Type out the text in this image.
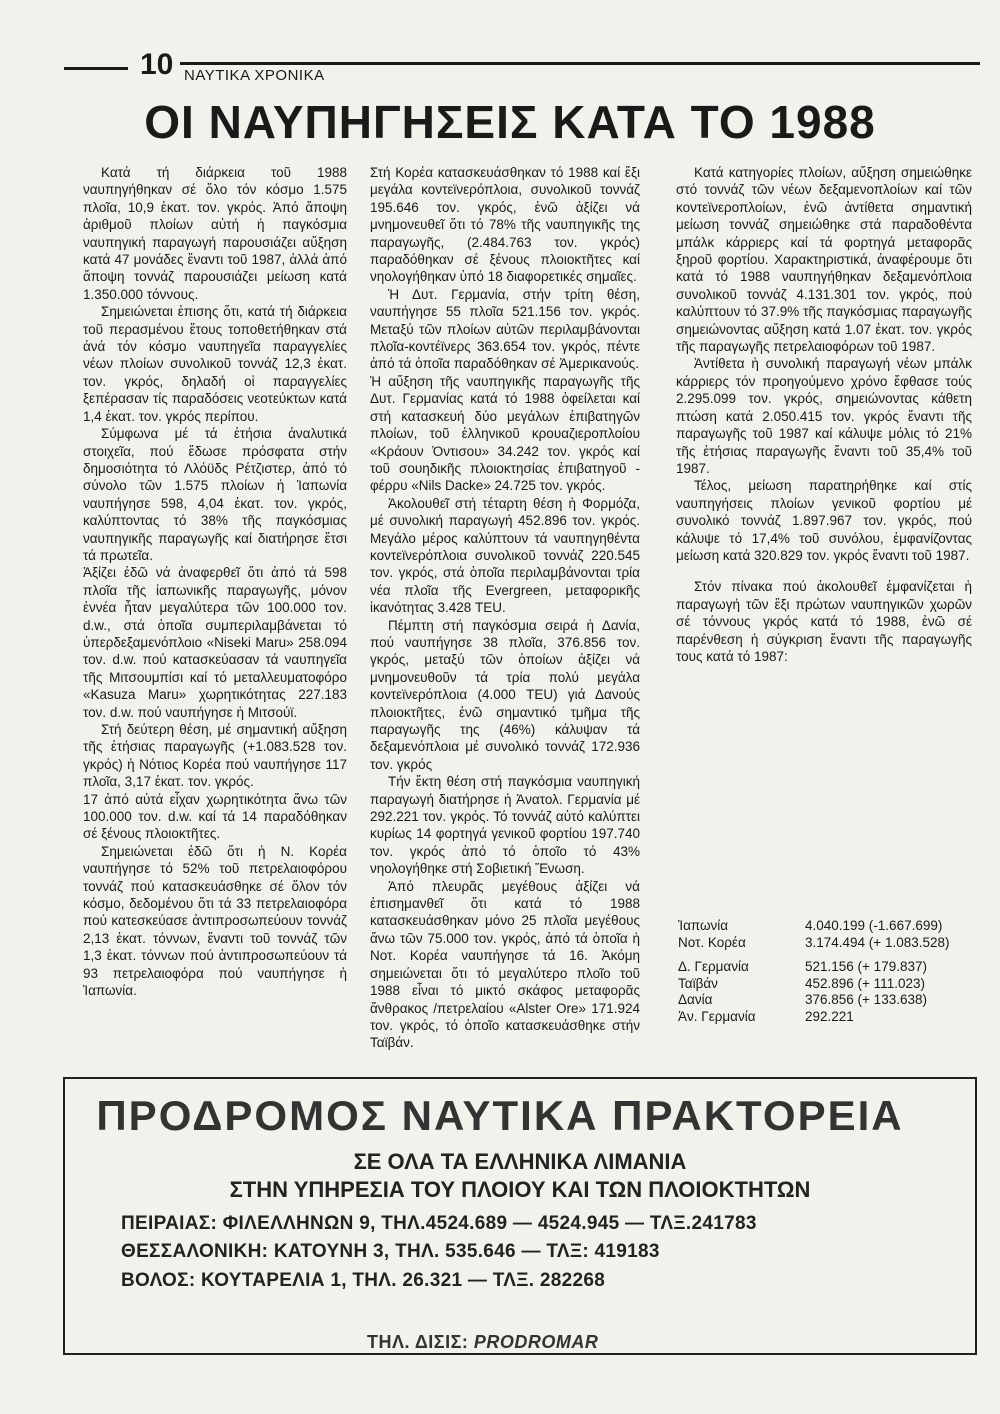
10 ΝΑΥΤΙΚΑ ΧΡΟΝΙΚΑ
ΟΙ ΝΑΥΠΗΓΗΣΕΙΣ ΚΑΤΑ ΤΟ 1988

Κατά τή διάρκεια τοῦ 1988 ναυπηγήθηκαν σέ ὅλο τόν κόσμο 1.575 πλοῖα, 10,9 ἑκατ. τον. γκρός. Ἀπό ἄποψη ἀριθμοῦ πλοίων αὐτή ἡ παγκόσμια ναυπηγική παραγωγή παρουσιάζει αὔξηση κατά 47 μονάδες ἔναντι τοῦ 1987, ἀλλά ἀπό ἄποψη τοννάζ παρουσιάζει μείωση κατά 1.350.000 τόννους.

Σημειώνεται ἐπισης ὅτι, κατά τή διάρκεια τοῦ περασμένου ἔτους τοποθετήθηκαν στά ἀνά τόν κόσμο ναυπηγεῖα παραγγελίες νέων πλοίων συνολικοῦ τοννάζ 12,3 ἑκατ. τον. γκρός, δηλαδή οἱ παραγγελίες ξεπέρασαν τίς παραδόσεις νεοτεύκτων κατά 1,4 ἑκατ. τον. γκρός περίπου.

Σύμφωνα μέ τά ἐτήσια ἀναλυτικά στοιχεῖα, πού ἔδωσε πρόσφατα στήν δημοσιότητα τό Λλόϋδς Ρέτζιστερ, ἀπό τό σύνολο τῶν 1.575 πλοίων ἡ Ἰαπωνία ναυπήγησε 598, 4,04 ἑκατ. τον. γκρός, καλύπτοντας τό 38% τῆς παγκόσμιας ναυπηγικῆς παραγωγῆς καί διατήρησε ἔτσι τά πρωτεῖα.

Ἀξίζει ἐδῶ νά ἀναφερθεῖ ὅτι ἀπό τά 598 πλοῖα τῆς ἰαπωνικῆς παραγωγῆς, μόνον ἐννέα ἦταν μεγαλύτερα τῶν 100.000 τον. d.w., στά ὁποῖα συμπεριλαμβάνεται τό ὑπερδεξαμενόπλοιο «Niseki Maru» 258.094 τον. d.w. πού κατασκεύασαν τά ναυπηγεῖα τῆς Μιτσουμπίσι καί τό μεταλλευματοφόρο «Kasuza Maru» χωρητικότητας 227.183 τον. d.w. πού ναυπήγησε ἡ Μιτσούϊ.

Στή δεύτερη θέση, μέ σημαντική αὔξηση τῆς ἐτήσιας παραγωγῆς (+1.083.528 τον. γκρός) ἡ Νότιος Κορέα πού ναυπήγησε 117 πλοῖα, 3,17 ἑκατ. τον. γκρός.

17 ἀπό αὐτά εἶχαν χωρητικότητα ἄνω τῶν 100.000 τον. d.w. καί τά 14 παραδόθηκαν σέ ξένους πλοιοκτῆτες.

Σημειώνεται ἐδῶ ὅτι ἡ Ν. Κορέα ναυπήγησε τό 52% τοῦ πετρελαιοφόρου τοννάζ πού κατασκευάσθηκε σέ ὅλον τόν κόσμο, δεδομένου ὅτι τά 33 πετρελαιοφόρα πού κατεσκεύασε ἀντιπροσωπεύουν τοννάζ 2,13 ἑκατ. τόννων, ἔναντι τοῦ τοννάζ τῶν 1,3 ἑκατ. τόννων πού ἀντιπροσωπεύουν τά 93 πετρελαιοφόρα πού ναυπήγησε ἡ Ἰαπωνία.

Στή Κορέα κατασκευάσθηκαν τό 1988 καί ἔξι μεγάλα κοντεϊνερόπλοια, συνολικοῦ τοννάζ 195.646 τον. γκρός, ἐνῶ ἀξίζει νά μνημονευθεῖ ὅτι τό 78% τῆς ναυπηγικῆς της παραγωγῆς, (2.484.763 τον. γκρός) παραδόθηκαν σέ ξένους πλοιοκτῆτες καί νηολογήθηκαν ὑπό 18 διαφορετικές σημαῖες.

Ἡ Δυτ. Γερμανία, στήν τρίτη θέση, ναυπήγησε 55 πλοῖα 521.156 τον. γκρός. Μεταξύ τῶν πλοίων αὐτῶν περιλαμβάνονται πλοῖα-κοντέϊνερς 363.654 τον. γκρός, πέντε ἀπό τά ὁποῖα παραδόθηκαν σέ Ἀμερικανούς.

Ἡ αὔξηση τῆς ναυπηγικῆς παραγωγῆς τῆς Δυτ. Γερμανίας κατά τό 1988 ὀφείλεται καί στή κατασκευή δύο μεγάλων ἐπιβατηγῶν πλοίων, τοῦ ἑλληνικοῦ κρουαζιεροπλοίου «Κράουν Ὀντισου» 34.242 τον. γκρός καί τοῦ σουηδικῆς πλοιοκτησίας ἐπιβατηγοῦ - φέρρυ «Nils Dacke» 24.725 τον. γκρός.

Ἀκολουθεῖ στή τέταρτη θέση ἡ Φορμόζα, μέ συνολική παραγωγή 452.896 τον. γκρός. Μεγάλο μέρος καλύπτουν τά ναυπηγηθέντα κοντεϊνερόπλοια συνολικοῦ τοννάζ 220.545 τον. γκρός, στά ὁποῖα περιλαμβάνονται τρία νέα πλοῖα τῆς Evergreen, μεταφορικῆς ἱκανότητας 3.428 TEU.

Πέμπτη στή παγκόσμια σειρά ἡ Δανία, πού ναυπήγησε 38 πλοῖα, 376.856 τον. γκρός, μεταξύ τῶν ὁποίων ἀξίζει νά μνημονευθοῦν τά τρία πολύ μεγάλα κοντεϊνερόπλοια (4.000 TEU) γιά Δανούς πλοιοκτῆτες, ἐνῶ σημαντικό τμῆμα τῆς παραγωγῆς της (46%) κάλυψαν τά δεξαμενόπλοια μέ συνολικό τοννάζ 172.936 τον. γκρός

Τήν ἕκτη θέση στή παγκόσμια ναυπηγική παραγωγή διατήρησε ἡ Ἀνατολ. Γερμανία μέ 292.221 τον. γκρός. Τό τοννάζ αὐτό καλύπτει κυρίως 14 φορτηγά γενικοῦ φορτίου 197.740 τον. γκρός ἀπό τό ὁποῖο τό 43% νηολογήθηκε στή Σοβιετική Ἕνωση.

Ἀπό πλευρᾶς μεγέθους ἀξίζει νά ἐπισημανθεῖ ὅτι κατά τό 1988 κατασκευάσθηκαν μόνο 25 πλοῖα μεγέθους ἄνω τῶν 75.000 τον. γκρός, ἀπό τά ὁποῖα ἡ Νοτ. Κορέα ναυπήγησε τά 16. Ἀκόμη σημειώνεται ὅτι τό μεγαλύτερο πλοῖο τοῦ 1988 εἶναι τό μικτό σκάφος μεταφορᾶς ἄνθρακος /πετρελαίου «Alster Ore» 171.924 τον. γκρός, τό ὁποῖο κατασκευάσθηκε στήν Ταϊβάν.

Κατά κατηγορίες πλοίων, αὔξηση σημειώθηκε στό τοννάζ τῶν νέων δεξαμενοπλοίων καί τῶν κοντεϊνεροπλοίων, ἐνῶ ἀντίθετα σημαντική μείωση τοννάζ σημειώθηκε στά παραδοθέντα μπάλκ κάρριερς καί τά φορτηγά μεταφορᾶς ξηροῦ φορτίου. Χαρακτηριστικά, ἀναφέρουμε ὅτι κατά τό 1988 ναυπηγήθηκαν δεξαμενόπλοια συνολικοῦ τοννάζ 4.131.301 τον. γκρός, πού καλύπτουν τό 37.9% τῆς παγκόσμιας παραγωγῆς σημειώνοντας αὔξηση κατά 1.07 ἑκατ. τον. γκρός τῆς παραγωγῆς πετρελαιοφόρων τοῦ 1987.

Ἀντίθετα ἡ συνολική παραγωγή νέων μπάλκ κάρριερς τόν προηγούμενο χρόνο ἔφθασε τούς 2.295.099 τον. γκρός, σημειώνοντας κάθετη πτώση κατά 2.050.415 τον. γκρός ἔναντι τῆς παραγωγῆς τοῦ 1987 καί κάλυψε μόλις τό 21% τῆς ἐτήσιας παραγωγῆς ἔναντι τοῦ 35,4% τοῦ 1987.

Τέλος, μείωση παρατηρήθηκε καί στίς ναυπηγήσεις πλοίων γενικοῦ φορτίου μέ συνολικό τοννάζ 1.897.967 τον. γκρός, πού κάλυψε τό 17,4% τοῦ συνόλου, ἐμφανίζοντας μείωση κατά 320.829 τον. γκρός ἔναντι τοῦ 1987.

Στόν πίνακα πού ἀκολουθεῖ ἐμφανίζεται ἡ παραγωγή τῶν ἕξι πρώτων ναυπηγικῶν χωρῶν σέ τόννους γκρός κατά τό 1988, ἐνῶ σέ παρένθεση ἡ σύγκριση ἔναντι τῆς παραγωγῆς τους κατά τό 1987:

Ἰαπωνία	4.040.199 (-1.667.699)
Νοτ. Κορέα	3.174.494 (+ 1.083.528)
Δ. Γερμανία	521.156 (+ 179.837)
Ταϊβάν	452.896 (+ 111.023)
Δανία	376.856 (+ 133.638)
Ἀν. Γερμανία	292.221
ΠΡΟΔΡΟΜΟΣ ΝΑΥΤΙΚΑ ΠΡΑΚΤΟΡΕΙΑ
ΣΕ ΟΛΑ ΤΑ ΕΛΛΗΝΙΚΑ ΛΙΜΑΝΙΑ
ΣΤΗΝ ΥΠΗΡΕΣΙΑ ΤΟΥ ΠΛΟΙΟΥ ΚΑΙ ΤΩΝ ΠΛΟΙΟΚΤΗΤΩΝ
ΠΕΙΡΑΙΑΣ: ΦΙΛΕΛΛΗΝΩΝ 9, ΤΗΛ.4524.689 — 4524.945 — ΤΛΞ.241783
ΘΕΣΣΑΛΟΝΙΚΗ: ΚΑΤΟΥΝΗ 3, ΤΗΛ. 535.646 — ΤΛΞ: 419183
ΒΟΛΟΣ: ΚΟΥΤΑΡΕΛΙΑ 1, ΤΗΛ. 26.321 — ΤΛΞ. 282268
ΤΗΛ. ΔΙΣΙΣ: PRODROMAR
